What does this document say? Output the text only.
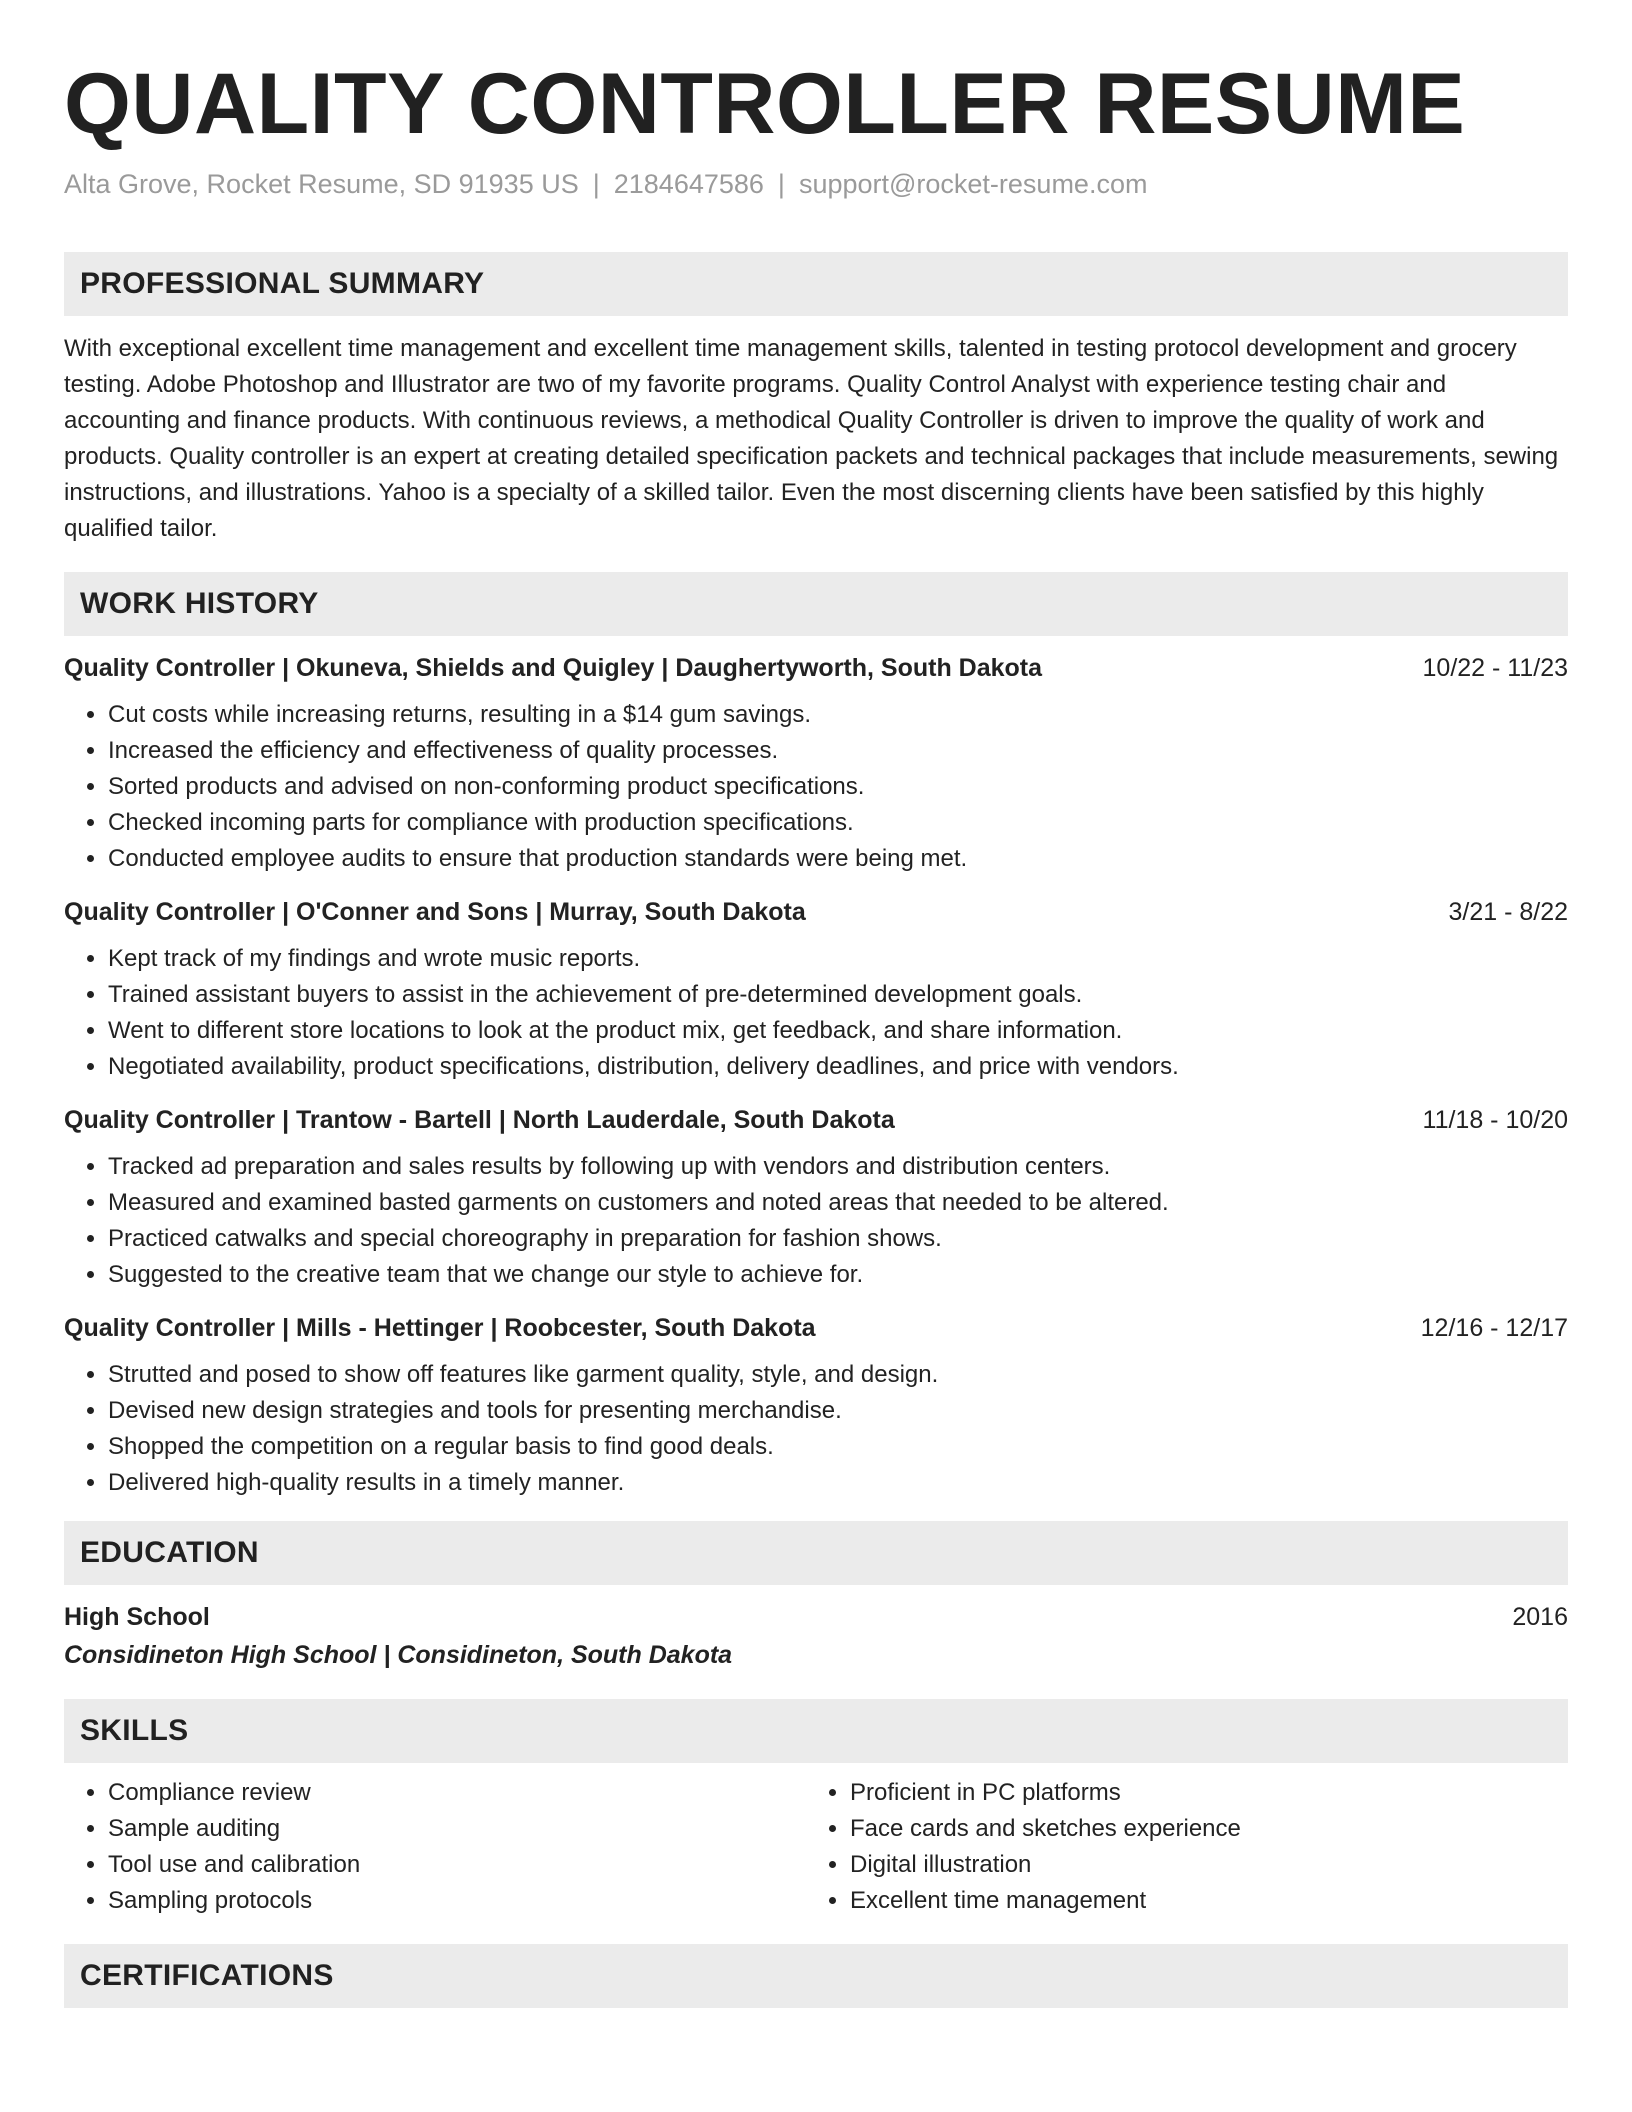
QUALITY CONTROLLER RESUME
Alta Grove, Rocket Resume, SD 91935 US | 2184647586 | support@rocket-resume.com
PROFESSIONAL SUMMARY

With exceptional excellent time management and excellent time management skills, talented in testing protocol development and grocery testing. Adobe Photoshop and Illustrator are two of my favorite programs. Quality Control Analyst with experience testing chair and accounting and finance products. With continuous reviews, a methodical Quality Controller is driven to improve the quality of work and products. Quality controller is an expert at creating detailed specification packets and technical packages that include measurements, sewing instructions, and illustrations. Yahoo is a specialty of a skilled tailor. Even the most discerning clients have been satisfied by this highly qualified tailor.

WORK HISTORY
Quality Controller | Okuneva, Shields and Quigley | Daughertyworth, South Dakota	10/22 - 11/23
• Cut costs while increasing returns, resulting in a $14 gum savings.
• Increased the efficiency and effectiveness of quality processes.
• Sorted products and advised on non-conforming product specifications.
• Checked incoming parts for compliance with production specifications.
• Conducted employee audits to ensure that production standards were being met.
Quality Controller | O'Conner and Sons | Murray, South Dakota	3/21 - 8/22
• Kept track of my findings and wrote music reports.
• Trained assistant buyers to assist in the achievement of pre-determined development goals.
• Went to different store locations to look at the product mix, get feedback, and share information.
• Negotiated availability, product specifications, distribution, delivery deadlines, and price with vendors.
Quality Controller | Trantow - Bartell | North Lauderdale, South Dakota	11/18 - 10/20
• Tracked ad preparation and sales results by following up with vendors and distribution centers.
• Measured and examined basted garments on customers and noted areas that needed to be altered.
• Practiced catwalks and special choreography in preparation for fashion shows.
• Suggested to the creative team that we change our style to achieve for.
Quality Controller | Mills - Hettinger | Roobcester, South Dakota	12/16 - 12/17
• Strutted and posed to show off features like garment quality, style, and design.
• Devised new design strategies and tools for presenting merchandise.
• Shopped the competition on a regular basis to find good deals.
• Delivered high-quality results in a timely manner.
EDUCATION
High School	2016
Considineton High School | Considineton, South Dakota
SKILLS
• Compliance review
• Sample auditing
• Tool use and calibration
• Sampling protocols
• Proficient in PC platforms
• Face cards and sketches experience
• Digital illustration
• Excellent time management
CERTIFICATIONS
